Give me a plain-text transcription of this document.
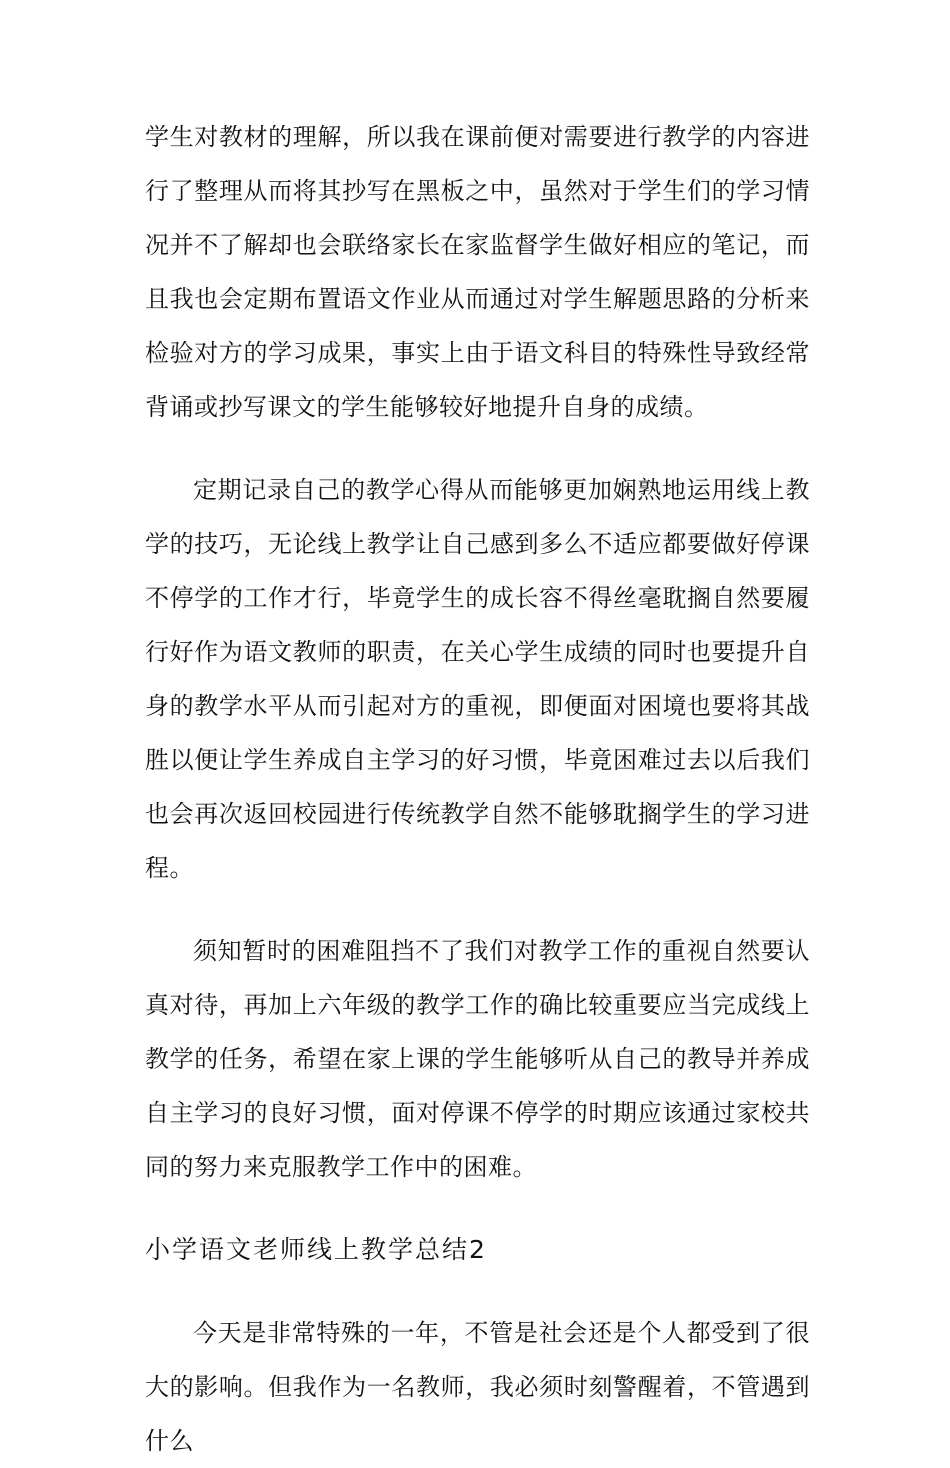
学生对教材的理解，所以我在课前便对需要进行教学的内容进行了整理从而将其抄写在黑板之中，虽然对于学生们的学习情况并不了解却也会联络家长在家监督学生做好相应的笔记，而且我也会定期布置语文作业从而通过对学生解题思路的分析来检验对方的学习成果，事实上由于语文科目的特殊性导致经常背诵或抄写课文的学生能够较好地提升自身的成绩。

定期记录自己的教学心得从而能够更加娴熟地运用线上教学的技巧，无论线上教学让自己感到多么不适应都要做好停课不停学的工作才行，毕竟学生的成长容不得丝毫耽搁自然要履行好作为语文教师的职责，在关心学生成绩的同时也要提升自身的教学水平从而引起对方的重视，即便面对困境也要将其战胜以便让学生养成自主学习的好习惯，毕竟困难过去以后我们也会再次返回校园进行传统教学自然不能够耽搁学生的学习进程。

须知暂时的困难阻挡不了我们对教学工作的重视自然要认真对待，再加上六年级的教学工作的确比较重要应当完成线上教学的任务，希望在家上课的学生能够听从自己的教导并养成自主学习的良好习惯，面对停课不停学的时期应该通过家校共同的努力来克服教学工作中的困难。

小学语文老师线上教学总结2

今天是非常特殊的一年，不管是社会还是个人都受到了很大的影响。但我作为一名教师，我必须时刻警醒着，不管遇到什么
